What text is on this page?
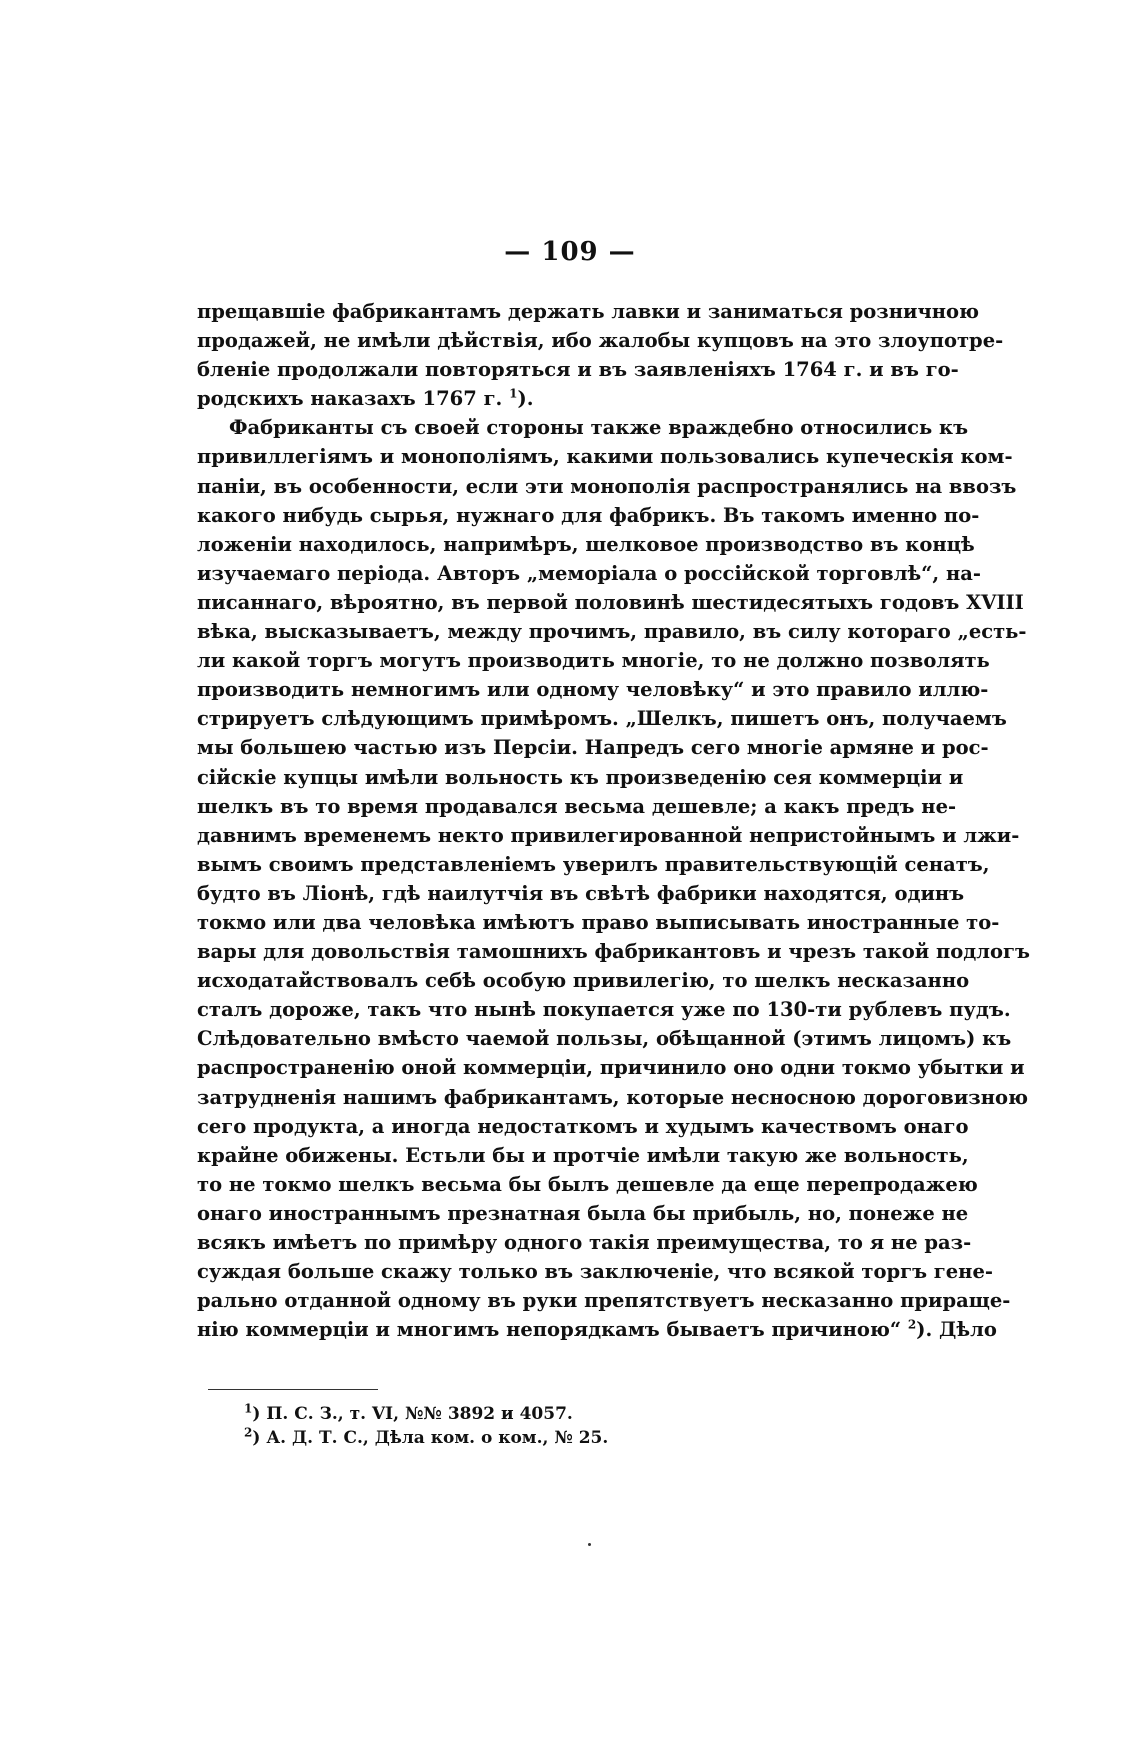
— 109 —
прещавшіе фабрикантамъ держать лавки и заниматься розничною
продажей, не имѣли дѣйствія, ибо жалобы купцовъ на это злоупотре-
бленіе продолжали повторяться и въ заявленіяхъ 1764 г. и въ го-
родскихъ наказахъ 1767 г. $^1$).
Фабриканты съ своей стороны также враждебно относились къ
привиллегіямъ и монополіямъ, какими пользовались купеческія ком-
паніи, въ особенности, если эти монополія распространялись на ввозъ
какого нибудь сырья, нужнаго для фабрикъ. Въ такомъ именно по-
ложеніи находилось, напримѣръ, шелковое производство въ концѣ
изучаемаго періода. Авторъ „меморіала о россійской торговлѣ“, на-
писаннаго, вѣроятно, въ первой половинѣ шестидесятыхъ годовъ XVIII
вѣка, высказываетъ, между прочимъ, правило, въ силу котораго „есть-
ли какой торгъ могутъ производить многіе, то не должно позволять
производить немногимъ или одному человѣку“ и это правило иллю-
стрируетъ слѣдующимъ примѣромъ. „Шелкъ, пишетъ онъ, получаемъ
мы большею частью изъ Персіи. Напредъ сего многіе армяне и рос-
сійскіе купцы имѣли вольность къ произведенію сея коммерціи и
шелкъ въ то время продавался весьма дешевле; а какъ предъ не-
давнимъ временемъ некто привилегированной непристойнымъ и лжи-
вымъ своимъ представленіемъ уверилъ правительствующій сенатъ,
будто въ Ліонѣ, гдѣ наилутчія въ свѣтѣ фабрики находятся, одинъ
токмо или два человѣка имѣютъ право выписывать иностранные то-
вары для довольствія тамошнихъ фабрикантовъ и чрезъ такой подлогъ
исходатайствовалъ себѣ особую привилегію, то шелкъ несказанно
сталъ дороже, такъ что нынѣ покупается уже по 130-ти рублевъ пудъ.
Слѣдовательно вмѣсто чаемой пользы, обѣщанной (этимъ лицомъ) къ
распространенію оной коммерціи, причинило оно одни токмо убытки и
затрудненія нашимъ фабрикантамъ, которые несносною дороговизною
сего продукта, а иногда недостаткомъ и худымъ качествомъ онаго
крайне обижены. Естьли бы и протчіе имѣли такую же вольность,
то не токмо шелкъ весьма бы былъ дешевле да еще перепродажею
онаго иностраннымъ презнатная была бы прибыль, но, понеже не
всякъ имѣетъ по примѣру одного такія преимущества, то я не раз-
суждая больше скажу только въ заключеніе, что всякой торгъ гене-
рально отданной одному въ руки препятствуетъ несказанно прираще-
нію коммерціи и многимъ непорядкамъ бываетъ причиною“ $^2$). Дѣло
$^1$) П. С. З., т. VI, №№ 3892 и 4057.
$^2$) А. Д. Т. С., Дѣла ком. о ком., № 25.
